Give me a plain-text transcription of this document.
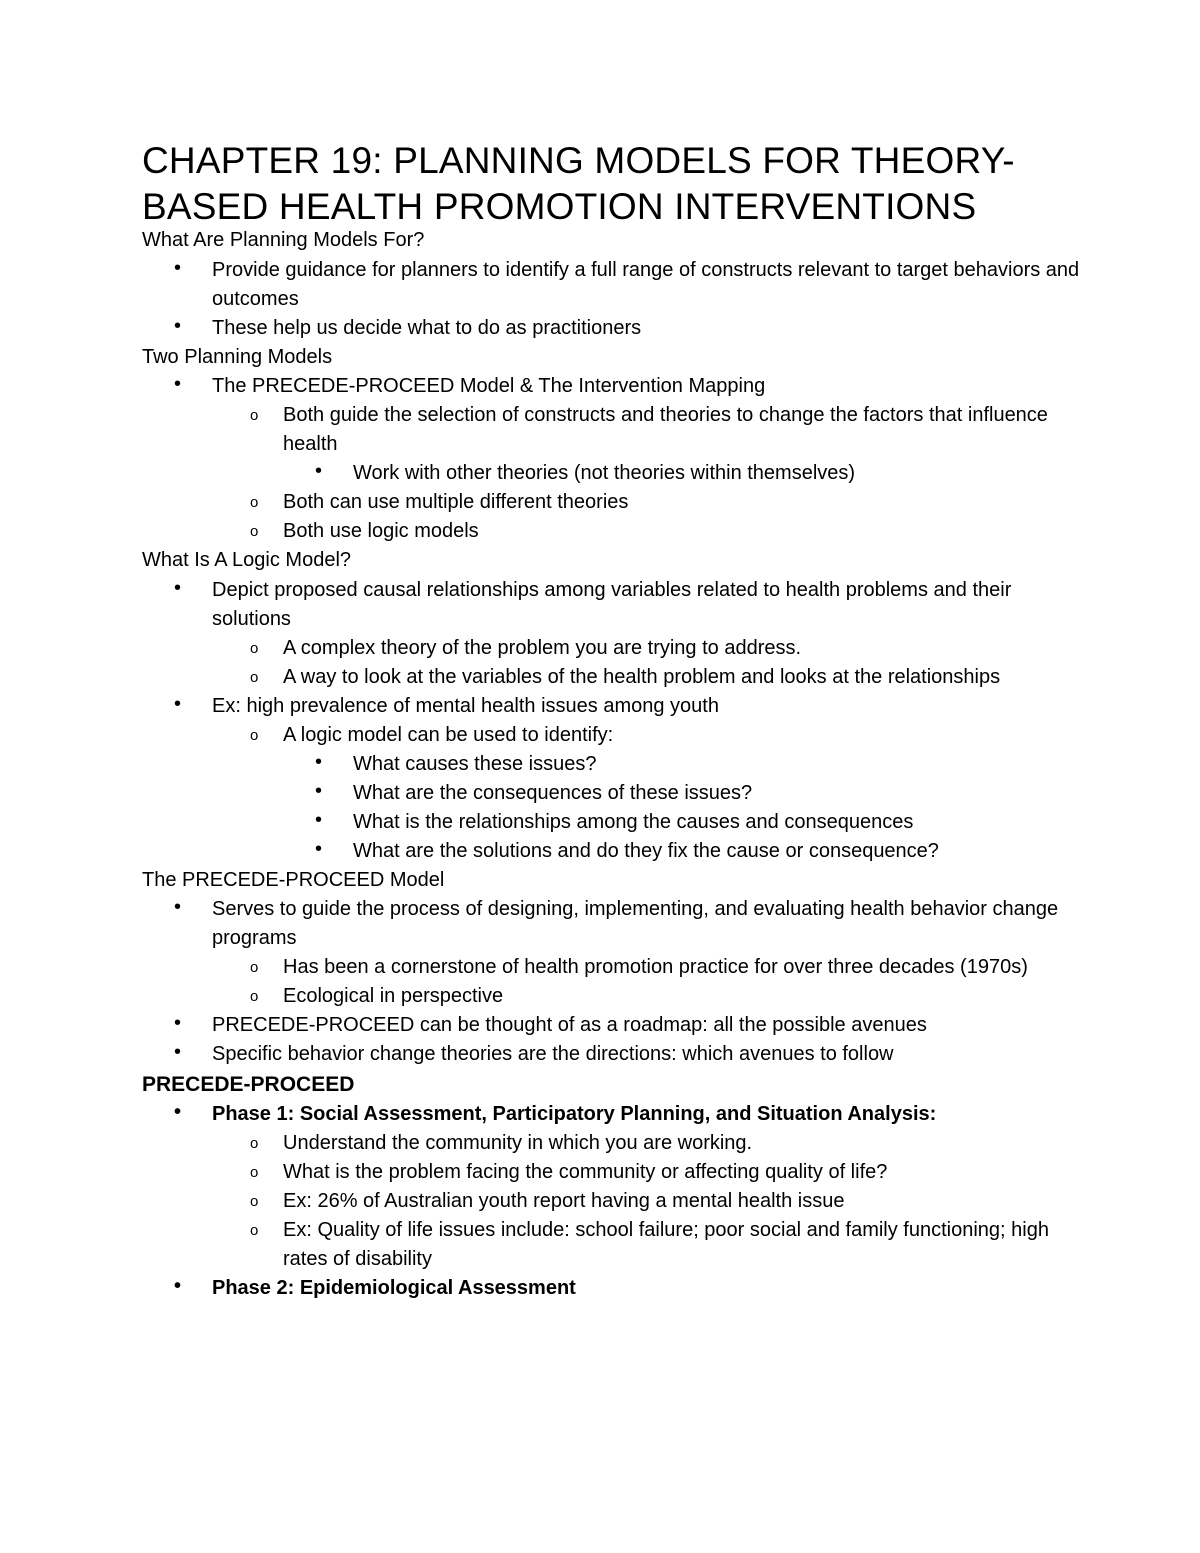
CHAPTER 19: PLANNING MODELS FOR THEORY-BASED HEALTH PROMOTION INTERVENTIONS
What Are Planning Models For?
• Provide guidance for planners to identify a full range of constructs relevant to target behaviors and outcomes
• These help us decide what to do as practitioners
Two Planning Models
• The PRECEDE-PROCEED Model & The Intervention Mapping
o Both guide the selection of constructs and theories to change the factors that influence health
• Work with other theories (not theories within themselves)
o Both can use multiple different theories
o Both use logic models
What Is A Logic Model?
• Depict proposed causal relationships among variables related to health problems and their solutions
o A complex theory of the problem you are trying to address.
o A way to look at the variables of the health problem and looks at the relationships
• Ex: high prevalence of mental health issues among youth
o A logic model can be used to identify:
• What causes these issues?
• What are the consequences of these issues?
• What is the relationships among the causes and consequences
• What are the solutions and do they fix the cause or consequence?
The PRECEDE-PROCEED Model
• Serves to guide the process of designing, implementing, and evaluating health behavior change programs
o Has been a cornerstone of health promotion practice for over three decades (1970s)
o Ecological in perspective
• PRECEDE-PROCEED can be thought of as a roadmap: all the possible avenues
• Specific behavior change theories are the directions: which avenues to follow
PRECEDE-PROCEED
• Phase 1: Social Assessment, Participatory Planning, and Situation Analysis:
o Understand the community in which you are working.
o What is the problem facing the community or affecting quality of life?
o Ex: 26% of Australian youth report having a mental health issue
o Ex: Quality of life issues include: school failure; poor social and family functioning; high rates of disability
• Phase 2: Epidemiological Assessment
